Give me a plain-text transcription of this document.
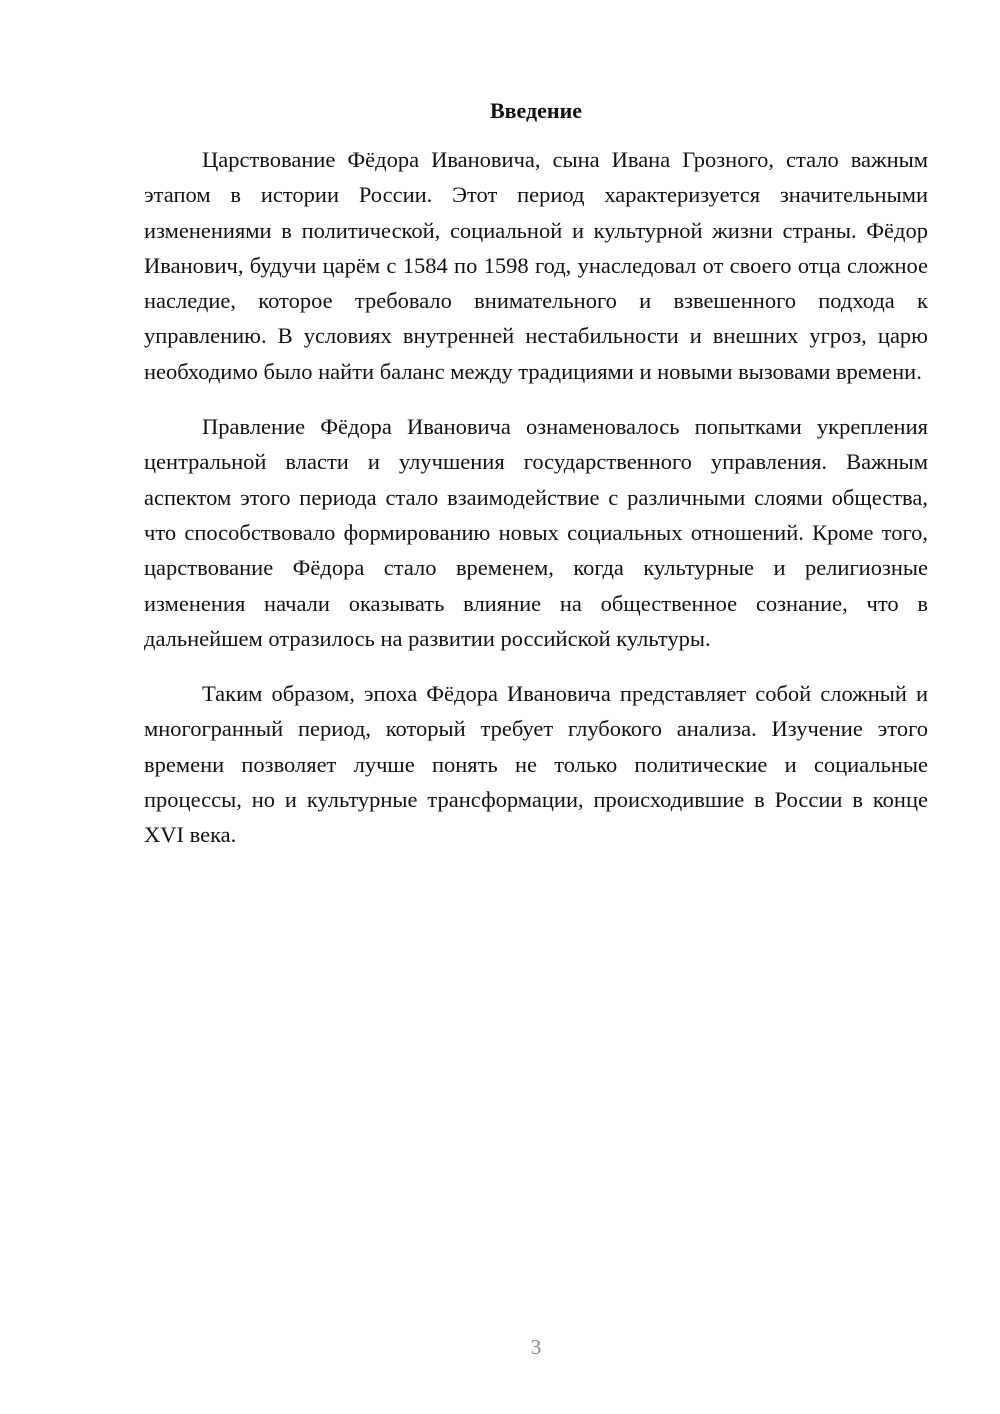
Введение

Царствование Фёдора Ивановича, сына Ивана Грозного, стало важным этапом в истории России. Этот период характеризуется значительными изменениями в политической, социальной и культурной жизни страны. Фёдор Иванович, будучи царём с 1584 по 1598 год, унаследовал от своего отца сложное наследие, которое требовало внимательного и взвешенного подхода к управлению. В условиях внутренней нестабильности и внешних угроз, царю необходимо было найти баланс между традициями и новыми вызовами времени.

Правление Фёдора Ивановича ознаменовалось попытками укрепления центральной власти и улучшения государственного управления. Важным аспектом этого периода стало взаимодействие с различными слоями общества, что способствовало формированию новых социальных отношений. Кроме того, царствование Фёдора стало временем, когда культурные и религиозные изменения начали оказывать влияние на общественное сознание, что в дальнейшем отразилось на развитии российской культуры.

Таким образом, эпоха Фёдора Ивановича представляет собой сложный и многогранный период, который требует глубокого анализа. Изучение этого времени позволяет лучше понять не только политические и социальные процессы, но и культурные трансформации, происходившие в России в конце XVI века.

3
